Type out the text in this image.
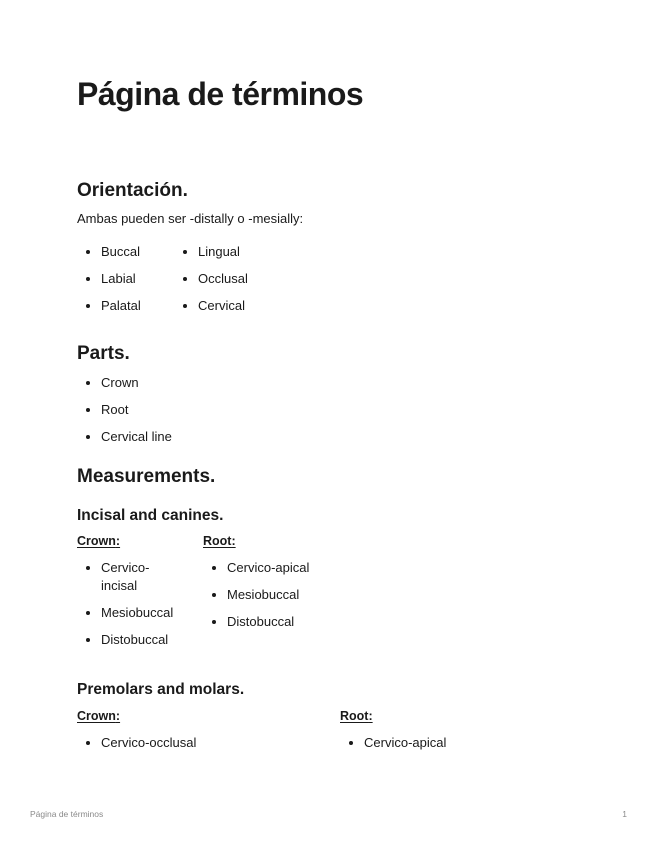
Página de términos
Orientación.

Ambas pueden ser -distally o -mesially:

Buccal
Labial
Palatal
Lingual
Occlusal
Cervical
Parts.
Crown
Root
Cervical line
Measurements.
Incisal and canines.

Crown:

Cervico-incisal
Mesiobuccal
Distobuccal

Root:

Cervico-apical
Mesiobuccal
Distobuccal
Premolars and molars.

Crown:

Cervico-occlusal

Root:

Cervico-apical
Página de términos	1
